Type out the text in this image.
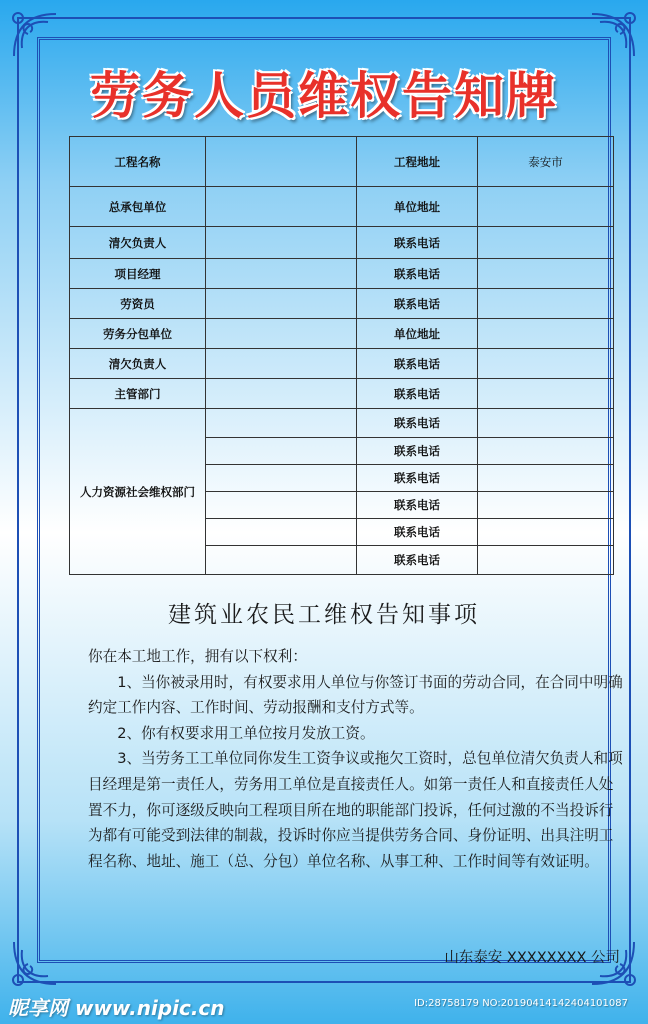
劳务人员维权告知牌
工程名称		工程地址	泰安市
总承包单位		单位地址	
清欠负责人		联系电话	
项目经理		联系电话	
劳资员		联系电话	
劳务分包单位		单位地址	
清欠负责人		联系电话	
主管部门		联系电话	
人力资源社会维权部门		联系电话	
		联系电话	
		联系电话	
		联系电话	
		联系电话	
		联系电话	
建筑业农民工维权告知事项

你在本工地工作，拥有以下权利：

1、当你被录用时，有权要求用人单位与你签订书面的劳动合同，在合同中明确约定工作内容、工作时间、劳动报酬和支付方式等。

2、你有权要求用工单位按月发放工资。

3、当劳务工工单位同你发生工资争议或拖欠工资时，总包单位清欠负责人和项目经理是第一责任人，劳务用工单位是直接责任人。如第一责任人和直接责任人处置不力，你可逐级反映向工程项目所在地的职能部门投诉，任何过激的不当投诉行为都有可能受到法律的制裁，投诉时你应当提供劳务合同、身份证明、出具注明工程名称、地址、施工（总、分包）单位名称、从事工种、工作时间等有效证明。

山东泰安 XXXXXXXX 公司
昵享网 www.nipic.cn	ID:28758179 NO:20190414142404101087
